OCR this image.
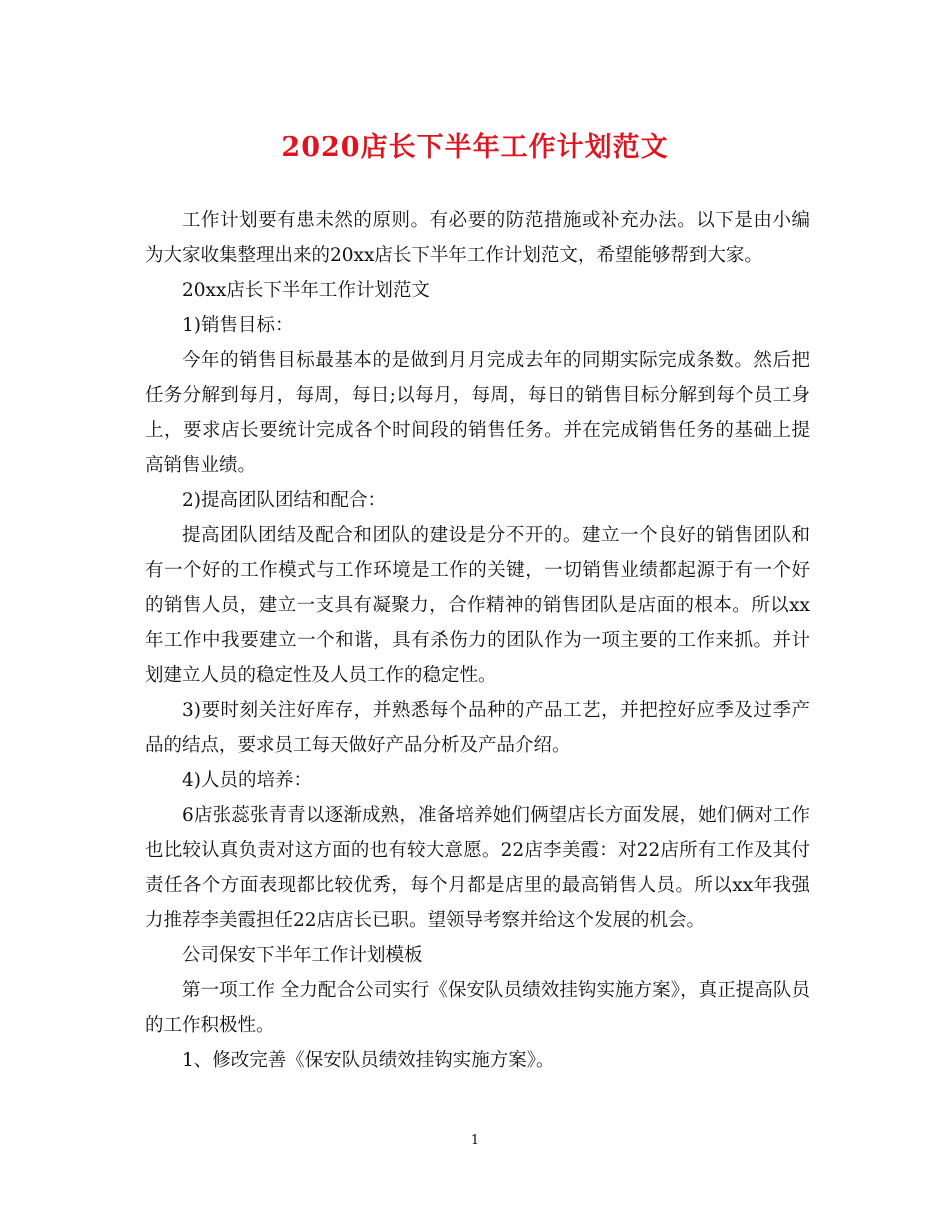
2020店长下半年工作计划范文

工作计划要有患未然的原则。有必要的防范措施或补充办法。以下是由小编为大家收集整理出来的20xx店长下半年工作计划范文，希望能够帮到大家。

20xx店长下半年工作计划范文

1)销售目标：

今年的销售目标最基本的是做到月月完成去年的同期实际完成条数。然后把任务分解到每月，每周，每日;以每月，每周，每日的销售目标分解到每个员工身上，要求店长要统计完成各个时间段的销售任务。并在完成销售任务的基础上提高销售业绩。

2)提高团队团结和配合：

提高团队团结及配合和团队的建设是分不开的。建立一个良好的销售团队和有一个好的工作模式与工作环境是工作的关键，一切销售业绩都起源于有一个好的销售人员，建立一支具有凝聚力，合作精神的销售团队是店面的根本。所以xx年工作中我要建立一个和谐，具有杀伤力的团队作为一项主要的工作来抓。并计划建立人员的稳定性及人员工作的稳定性。

3)要时刻关注好库存，并熟悉每个品种的产品工艺，并把控好应季及过季产品的结点，要求员工每天做好产品分析及产品介绍。

4)人员的培养：

6店张蕊张青青以逐渐成熟，准备培养她们俩望店长方面发展，她们俩对工作也比较认真负责对这方面的也有较大意愿。22店李美霞：对22店所有工作及其付责任各个方面表现都比较优秀，每个月都是店里的最高销售人员。所以xx年我强力推荐李美霞担任22店店长已职。望领导考察并给这个发展的机会。

公司保安下半年工作计划模板

第一项工作 全力配合公司实行《保安队员绩效挂钩实施方案》，真正提高队员的工作积极性。

1、修改完善《保安队员绩效挂钩实施方案》。

1
